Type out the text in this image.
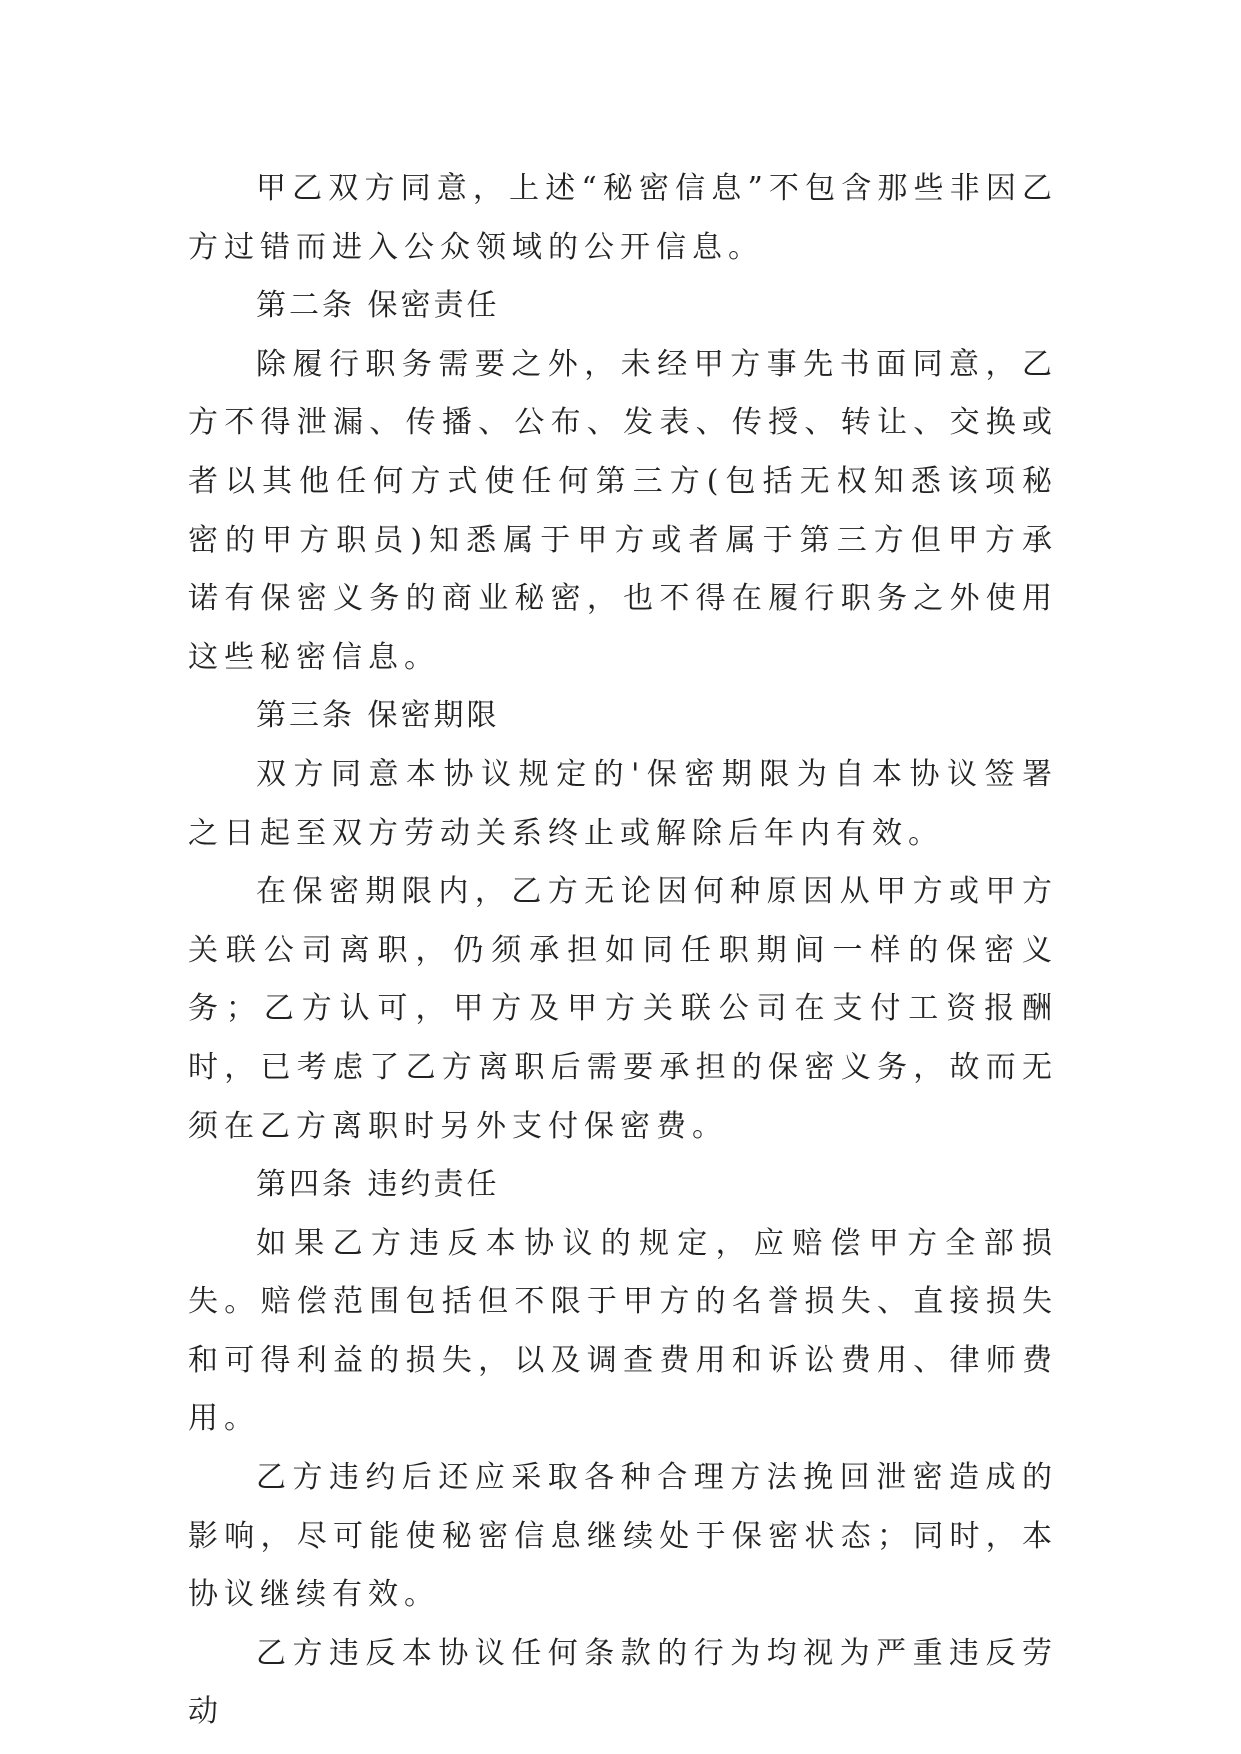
甲乙双方同意，上述“秘密信息”不包含那些非因乙方过错而进入公众领域的公开信息。

第二条 保密责任

除履行职务需要之外，未经甲方事先书面同意，乙方不得泄漏、传播、公布、发表、传授、转让、交换或者以其他任何方式使任何第三方(包括无权知悉该项秘密的甲方职员)知悉属于甲方或者属于第三方但甲方承诺有保密义务的商业秘密，也不得在履行职务之外使用这些秘密信息。

第三条 保密期限

双方同意本协议规定的'保密期限为自本协议签署之日起至双方劳动关系终止或解除后年内有效。

在保密期限内，乙方无论因何种原因从甲方或甲方关联公司离职，仍须承担如同任职期间一样的保密义务；乙方认可，甲方及甲方关联公司在支付工资报酬时，已考虑了乙方离职后需要承担的保密义务，故而无须在乙方离职时另外支付保密费。

第四条 违约责任

如果乙方违反本协议的规定，应赔偿甲方全部损失。赔偿范围包括但不限于甲方的名誉损失、直接损失和可得利益的损失，以及调查费用和诉讼费用、律师费用。

乙方违约后还应采取各种合理方法挽回泄密造成的影响，尽可能使秘密信息继续处于保密状态；同时，本协议继续有效。

乙方违反本协议任何条款的行为均视为严重违反劳动
